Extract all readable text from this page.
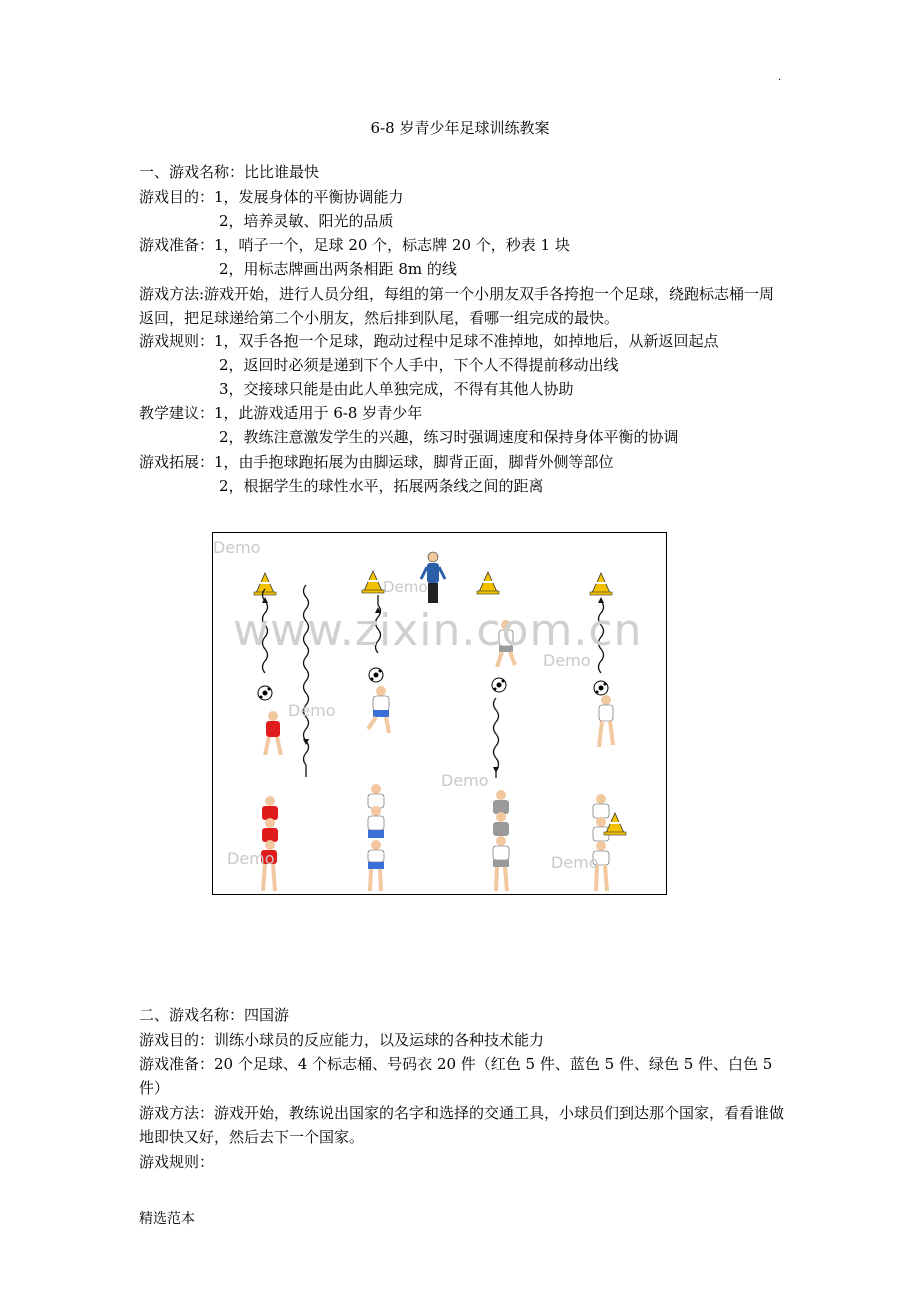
.
6-8 岁青少年足球训练教案
一、游戏名称：比比谁最快
游戏目的：1，发展身体的平衡协调能力
2，培养灵敏、阳光的品质
游戏准备：1，哨子一个，足球 20 个，标志牌 20 个，秒表 1 块
2，用标志牌画出两条相距 8m 的线
游戏方法:游戏开始，进行人员分组，每组的第一个小朋友双手各挎抱一个足球，绕跑标志桶一周返回，把足球递给第二个小朋友，然后排到队尾，看哪一组完成的最快。
游戏规则：1，双手各抱一个足球，跑动过程中足球不准掉地，如掉地后，从新返回起点
2，返回时必须是递到下个人手中，下个人不得提前移动出线
3，交接球只能是由此人单独完成，不得有其他人协助
教学建议：1，此游戏适用于 6-8 岁青少年
2，教练注意激发学生的兴趣，练习时强调速度和保持身体平衡的协调
游戏拓展：1，由手抱球跑拓展为由脚运球，脚背正面，脚背外侧等部位
2，根据学生的球性水平，拓展两条线之间的距离
Demo
Demo
Demo
Demo
Demo
Demo	Demo
www.zixin.com.cn
二、游戏名称：四国游
游戏目的：训练小球员的反应能力，以及运球的各种技术能力
游戏准备：20 个足球、4 个标志桶、号码衣 20 件（红色 5 件、蓝色 5 件、绿色 5 件、白色 5 件）
游戏方法：游戏开始，教练说出国家的名字和选择的交通工具，小球员们到达那个国家，看看谁做地即快又好，然后去下一个国家。
游戏规则：
精选范本
